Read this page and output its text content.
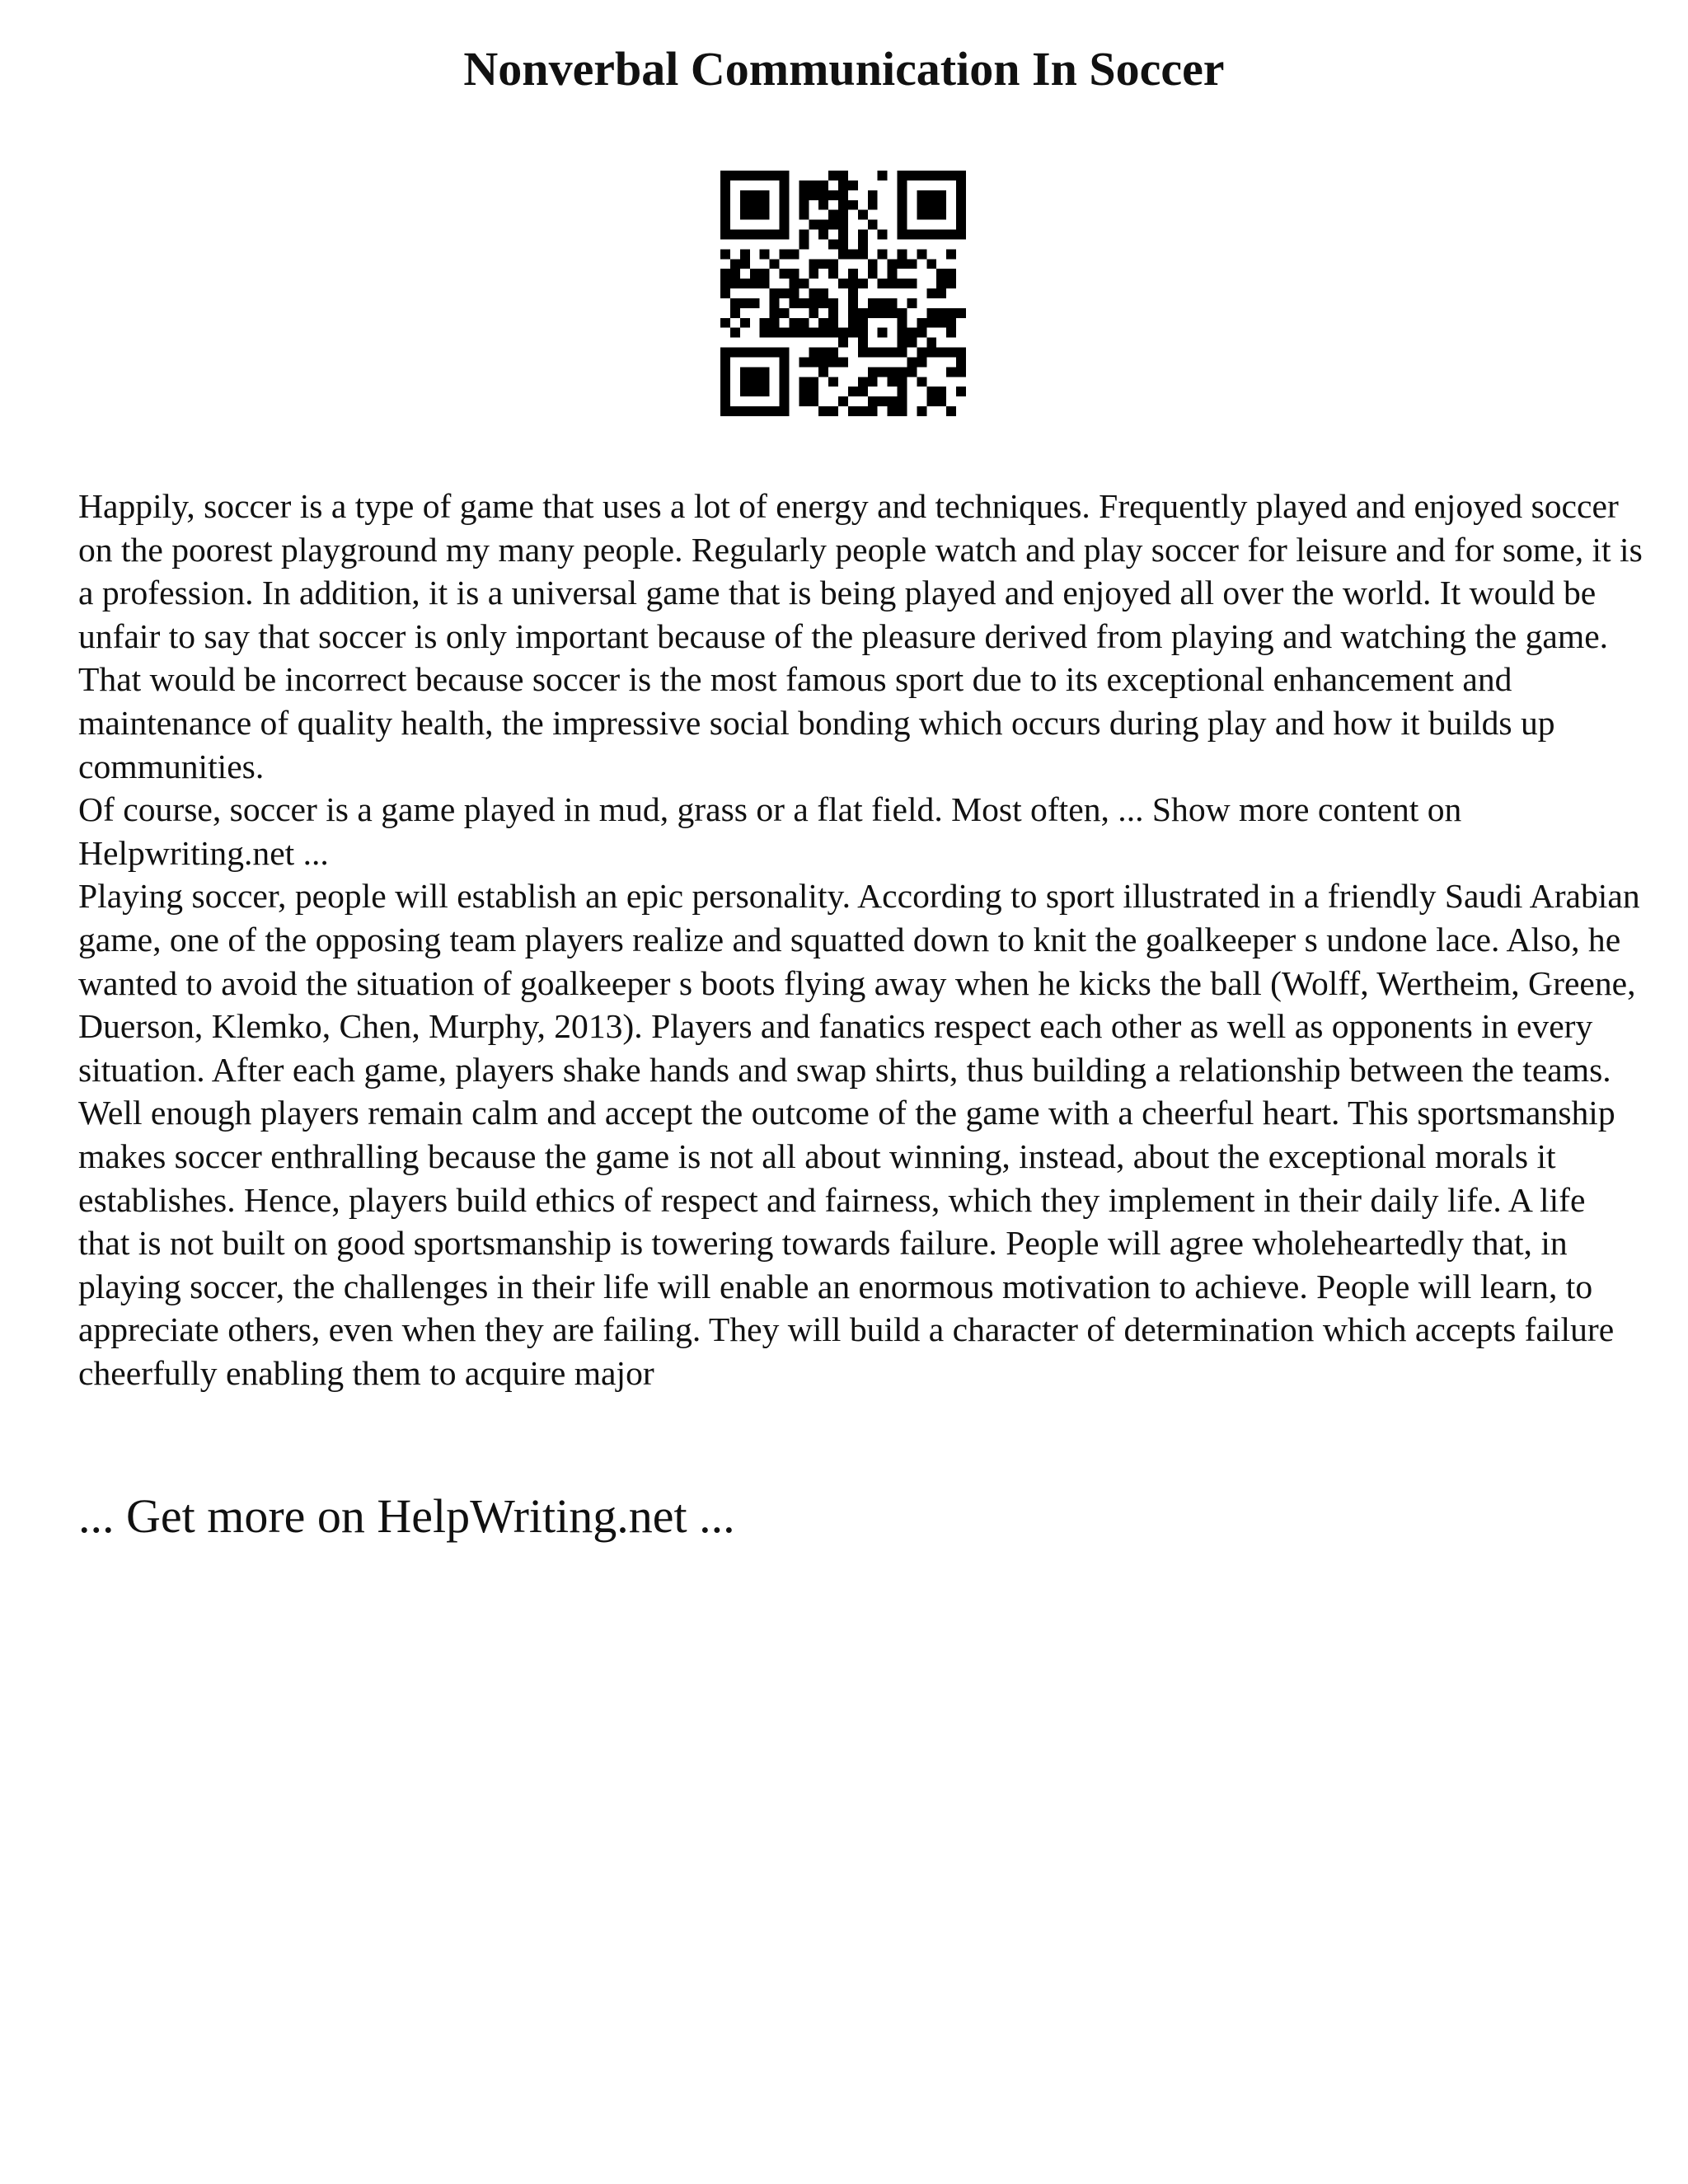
Nonverbal Communication In Soccer

Happily, soccer is a type of game that uses a lot of energy and techniques. Frequently played and enjoyed soccer on the poorest playground my many people. Regularly people watch and play soccer for leisure and for some, it is a profession. In addition, it is a universal game that is being played and enjoyed all over the world. It would be unfair to say that soccer is only important because of the pleasure derived from playing and watching the game. That would be incorrect because soccer is the most famous sport due to its exceptional enhancement and maintenance of quality health, the impressive social bonding which occurs during play and how it builds up communities.

Of course, soccer is a game played in mud, grass or a flat field. Most often, ... Show more content on Helpwriting.net ...

Playing soccer, people will establish an epic personality. According to sport illustrated in a friendly Saudi Arabian game, one of the opposing team players realize and squatted down to knit the goalkeeper s undone lace. Also, he wanted to avoid the situation of goalkeeper s boots flying away when he kicks the ball (Wolff, Wertheim, Greene, Duerson, Klemko, Chen, Murphy, 2013). Players and fanatics respect each other as well as opponents in every situation. After each game, players shake hands and swap shirts, thus building a relationship between the teams. Well enough players remain calm and accept the outcome of the game with a cheerful heart. This sportsmanship makes soccer enthralling because the game is not all about winning, instead, about the exceptional morals it establishes. Hence, players build ethics of respect and fairness, which they implement in their daily life. A life that is not built on good sportsmanship is towering towards failure. People will agree wholeheartedly that, in playing soccer, the challenges in their life will enable an enormous motivation to achieve. People will learn, to appreciate others, even when they are failing. They will build a character of determination which accepts failure cheerfully enabling them to acquire major

... Get more on HelpWriting.net ...
